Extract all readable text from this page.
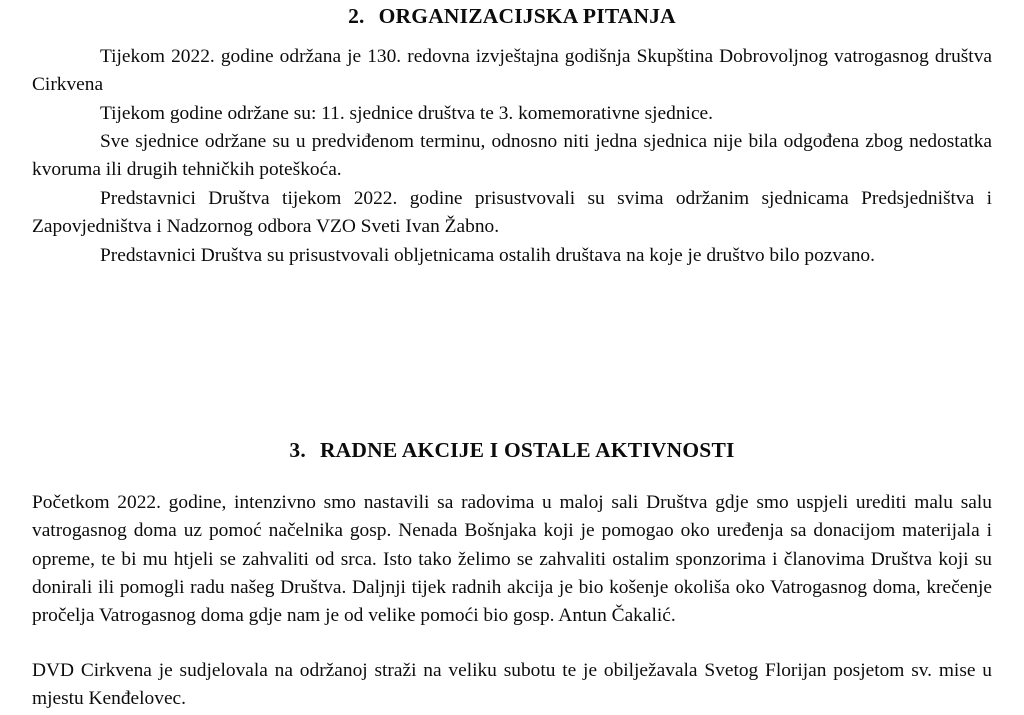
2. ORGANIZACIJSKA PITANJA

Tijekom 2022. godine održana je 130. redovna izvještajna godišnja Skupština Dobrovoljnog vatrogasnog društva Cirkvena

Tijekom godine održane su: 11. sjednice društva te 3. komemorativne sjednice.

Sve sjednice održane su u predviđenom terminu, odnosno niti jedna sjednica nije bila odgođena zbog nedostatka kvoruma ili drugih tehničkih poteškoća.

Predstavnici Društva tijekom 2022. godine prisustvovali su svima održanim sjednicama Predsjedništva i Zapovjedništva i Nadzornog odbora VZO Sveti Ivan Žabno.

Predstavnici Društva su prisustvovali obljetnicama ostalih društava na koje je društvo bilo pozvano.

3. RADNE AKCIJE I OSTALE AKTIVNOSTI

Početkom 2022. godine, intenzivno smo nastavili sa radovima u maloj sali Društva gdje smo uspjeli urediti malu salu vatrogasnog doma uz pomoć načelnika gosp. Nenada Bošnjaka koji je pomogao oko uređenja sa donacijom materijala i opreme, te bi mu htjeli se zahvaliti od srca. Isto tako želimo se zahvaliti ostalim sponzorima i članovima Društva koji su donirali ili pomogli radu našeg Društva. Daljnji tijek radnih akcija je bio košenje okoliša oko Vatrogasnog doma, krečenje pročelja Vatrogasnog doma gdje nam je od velike pomoći bio gosp. Antun Čakalić.

DVD Cirkvena je sudjelovala na održanoj straži na veliku subotu te je obilježavala Svetog Florijan posjetom sv. mise u mjestu Kenđelovec.
